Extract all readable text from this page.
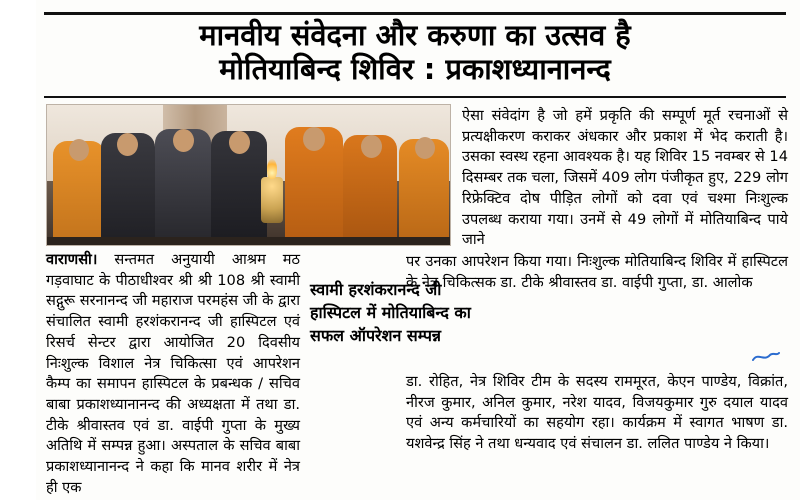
मानवीय संवेदना और करुणा का उत्सव है
मोतियाबिन्द शिविर : प्रकाशध्यानानन्द
ऐसा संवेदांग है जो हमें प्रकृति की सम्पूर्ण मूर्त रचनाओं से प्रत्यक्षीकरण कराकर अंधकार और प्रकाश में भेद कराती है। उसका स्वस्थ रहना आवश्यक है। यह शिविर 15 नवम्बर से 14 दिसम्बर तक चला, जिसमें 409 लोग पंजीकृत हुए, 229 लोग रिफ्रेक्टिव दोष पीड़ित लोगों को दवा एवं चश्मा निःशुल्क उपलब्ध कराया गया। उनमें से 49 लोगों में मोतियाबिन्द पाये जाने
वाराणसी। सन्तमत अनुयायी आश्रम मठ गड़वाघाट के पीठाधीश्वर श्री श्री 108 श्री स्वामी सद्गुरू सरनानन्द जी महाराज परमहंस जी के द्वारा संचालित स्वामी हरशंकरानन्द जी हास्पिटल एवं रिसर्च सेन्टर द्वारा आयोजित 20 दिवसीय निःशुल्क विशाल नेत्र चिकित्सा एवं आपरेशन कैम्प का समापन हास्पिटल के प्रबन्धक / सचिव बाबा प्रकाशध्यानानन्द की अध्यक्षता में तथा डा. टीके श्रीवास्तव एवं डा. वाईपी गुप्ता के मुख्य अतिथि में सम्पन्न हुआ। अस्पताल के सचिव बाबा प्रकाशध्यानानन्द ने कहा कि मानव शरीर में नेत्र ही एक
स्वामी हरशंकरानन्द जी
हास्पिटल में मोतियाबिन्द का
सफल ऑपरेशन सम्पन्न
पर उनका आपरेशन किया गया। निःशुल्क मोतियाबिन्द शिविर में हास्पिटल के नेत्र चिकित्सक डा. टीके श्रीवास्तव डा. वाईपी गुप्ता, डा. आलोक
डा. रोहित, नेत्र शिविर टीम के सदस्य राममूरत, केएन पाण्डेय, विक्रांत, नीरज कुमार, अनिल कुमार, नरेश यादव, विजयकुमार गुरु दयाल यादव एवं अन्य कर्मचारियों का सहयोग रहा। कार्यक्रम में स्वागत भाषण डा. यशवेन्द्र सिंह ने तथा धन्यवाद एवं संचालन डा. ललित पाण्डेय ने किया।
